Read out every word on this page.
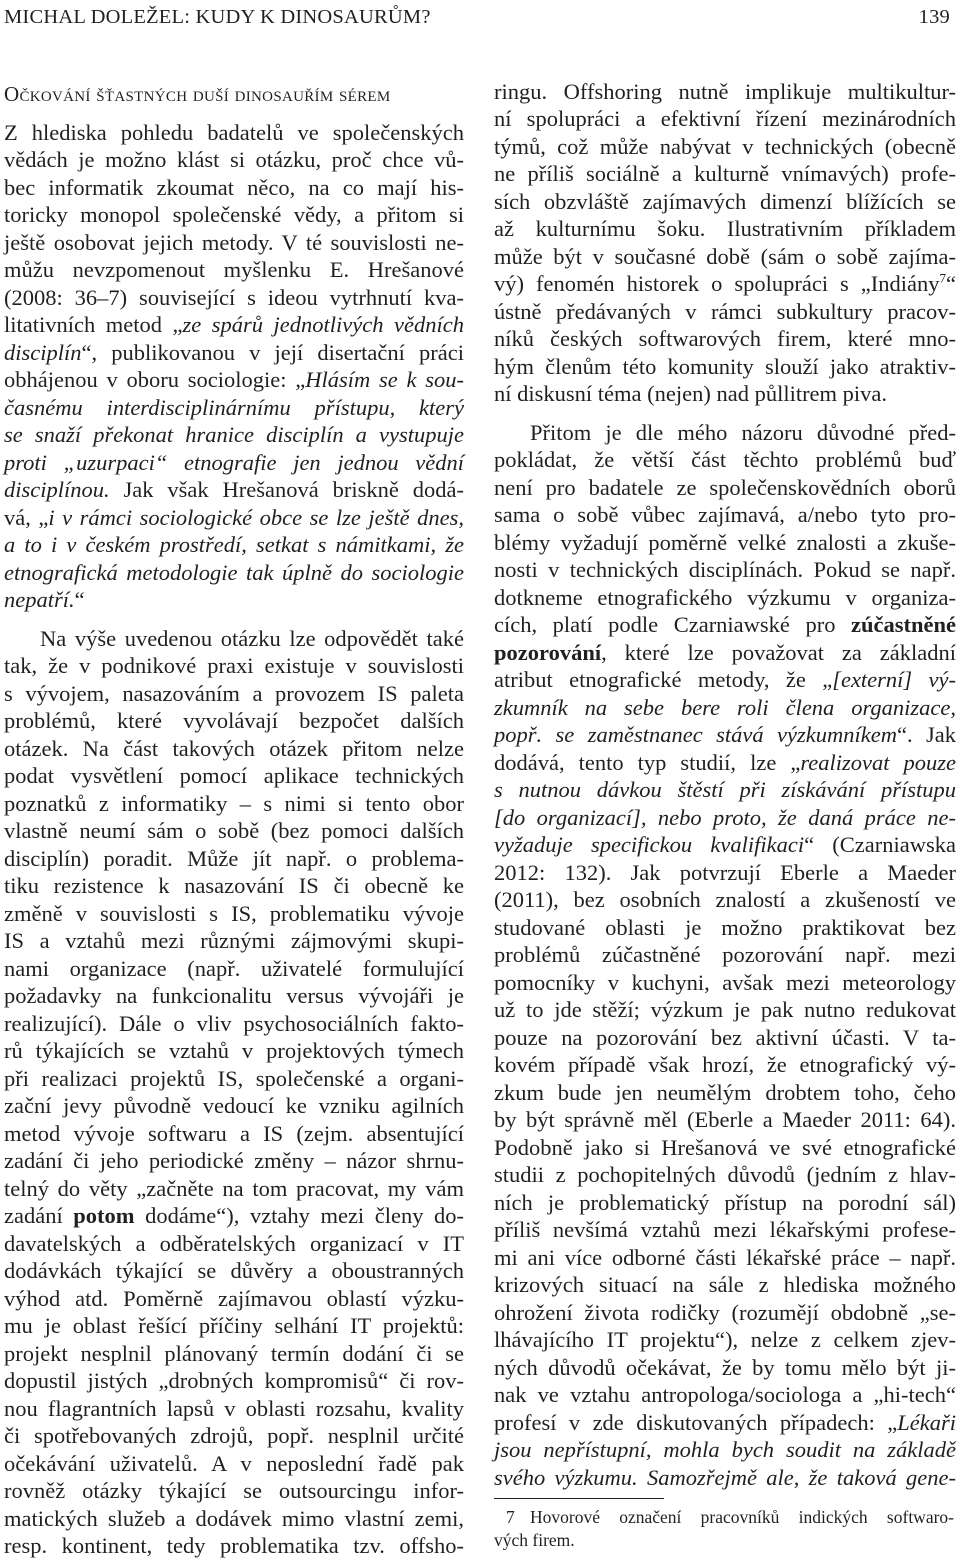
MICHAL DOLEŽEL: KUDY K DINOSAURŮM?	139
Očkování šťastných duší dinosauřím sérem
Z hlediska pohledu badatelů ve společenských
vědách je možno klást si otázku, proč chce vů-
bec informatik zkoumat něco, na co mají his-
toricky monopol společenské vědy, a přitom si
ještě osobovat jejich metody. V té souvislosti ne-
můžu nevzpomenout myšlenku E. Hrešanové
(2008: 36–7) související s ideou vytrhnutí kva-
litativních metod „ze spárů jednotlivých vědních
disciplín“, publikovanou v její disertační práci
obhájenou v oboru sociologie: „Hlásím se k sou-
časnému interdisciplinárnímu přístupu, který
se snaží překonat hranice disciplín a vystupuje
proti „uzurpaci“ etnografie jen jednou vědní
disciplínou. Jak však Hrešanová briskně dodá-
vá, „i v rámci sociologické obce se lze ještě dnes,
a to i v českém prostředí, setkat s námitkami, že
etnografická metodologie tak úplně do sociologie
nepatří.“
Na výše uvedenou otázku lze odpovědět také
tak, že v podnikové praxi existuje v souvislosti
s vývojem, nasazováním a provozem IS paleta
problémů, které vyvolávají bezpočet dalších
otázek. Na část takových otázek přitom nelze
podat vysvětlení pomocí aplikace technických
poznatků z informatiky – s nimi si tento obor
vlastně neumí sám o sobě (bez pomoci dalších
disciplín) poradit. Může jít např. o problema-
tiku rezistence k nasazování IS či obecně ke
změně v souvislosti s IS, problematiku vývoje
IS a vztahů mezi různými zájmovými skupi-
nami organizace (např. uživatelé formulující
požadavky na funkcionalitu versus vývojáři je
realizující). Dále o vliv psychosociálních fakto-
rů týkajících se vztahů v projektových týmech
při realizaci projektů IS, společenské a organi-
zační jevy původně vedoucí ke vzniku agilních
metod vývoje softwaru a IS (zejm. absentující
zadání či jeho periodické změny – názor shrnu-
telný do věty „začněte na tom pracovat, my vám
zadání potom dodáme“), vztahy mezi členy do-
davatelských a odběratelských organizací v IT
dodávkách týkající se důvěry a oboustranných
výhod atd. Poměrně zajímavou oblastí výzku-
mu je oblast řešící příčiny selhání IT projektů:
projekt nesplnil plánovaný termín dodání či se
dopustil jistých „drobných kompromisů“ či rov-
nou flagrantních lapsů v oblasti rozsahu, kvality
či spotřebovaných zdrojů, popř. nesplnil určité
očekávání uživatelů. A v neposlední řadě pak
rovněž otázky týkající se outsourcingu infor-
matických služeb a dodávek mimo vlastní zemi,
resp. kontinent, tedy problematika tzv. offsho-
ringu. Offshoring nutně implikuje multikultur-
ní spolupráci a efektivní řízení mezinárodních
týmů, což může nabývat v technických (obecně
ne příliš sociálně a kulturně vnímavých) profe-
sích obzvláště zajímavých dimenzí blížících se
až kulturnímu šoku. Ilustrativním příkladem
může být v současné době (sám o sobě zajíma-
vý) fenomén historek o spolupráci s „Indiány$^7$“
ústně předávaných v rámci subkultury pracov-
níků českých softwarových firem, které mno-
hým členům této komunity slouží jako atraktiv-
ní diskusní téma (nejen) nad půllitrem piva.
Přitom je dle mého názoru důvodné před-
pokládat, že větší část těchto problémů buď
není pro badatele ze společenskovědních oborů
sama o sobě vůbec zajímavá, a/nebo tyto pro-
blémy vyžadují poměrně velké znalosti a zkuše-
nosti v technických disciplínách. Pokud se např.
dotkneme etnografického výzkumu v organiza-
cích, platí podle Czarniawské pro zúčastněné
pozorování, které lze považovat za základní
atribut etnografické metody, že „[externí] vý-
zkumník na sebe bere roli člena organizace,
popř. se zaměstnanec stává výzkumníkem“. Jak
dodává, tento typ studií, lze „realizovat pouze
s nutnou dávkou štěstí při získávání přístupu
[do organizací], nebo proto, že daná práce ne-
vyžaduje specifickou kvalifikaci“ (Czarniawska
2012: 132). Jak potvrzují Eberle a Maeder
(2011), bez osobních znalostí a zkušeností ve
studované oblasti je možno praktikovat bez
problémů zúčastněné pozorování např. mezi
pomocníky v kuchyni, avšak mezi meteorology
už to jde stěží; výzkum je pak nutno redukovat
pouze na pozorování bez aktivní účasti. V ta-
kovém případě však hrozí, že etnografický vý-
zkum bude jen neumělým drobtem toho, čeho
by být správně měl (Eberle a Maeder 2011: 64).
Podobně jako si Hrešanová ve své etnografické
studii z pochopitelných důvodů (jedním z hlav-
ních je problematický přístup na porodní sál)
příliš nevšímá vztahů mezi lékařskými profese-
mi ani více odborné části lékařské práce – např.
krizových situací na sále z hlediska možného
ohrožení života rodičky (rozumějí obdobně „se-
lhávajícího IT projektu“), nelze z celkem zjev-
ných důvodů očekávat, že by tomu mělo být ji-
nak ve vztahu antropologa/sociologa a „hi-tech“
profesí v zde diskutovaných případech: „Lékaři
jsou nepřístupní, mohla bych soudit na základě
svého výzkumu. Samozřejmě ale, že taková gene-
7 Hovorové označení pracovníků indických softwaro-
vých firem.
